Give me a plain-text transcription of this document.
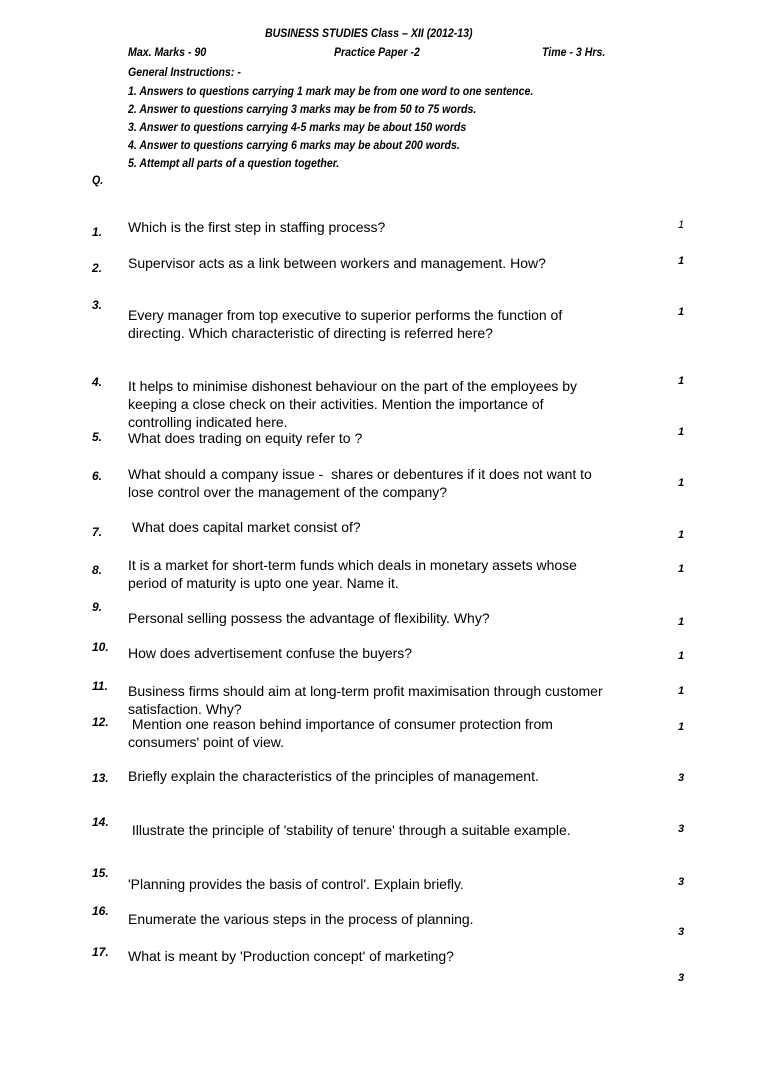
BUSINESS STUDIES Class – XII (2012-13)
Max. Marks - 90	Practice Paper -2	Time - 3 Hrs.
General Instructions: -
1. Answers to questions carrying 1 mark may be from one word to one sentence.
2. Answer to questions carrying 3 marks may be from 50 to 75 words.
3. Answer to questions carrying 4-5 marks may be about 150 words
4. Answer to questions carrying 6 marks may be about 200 words.
5. Attempt all parts of a question together.
Q.
1. Which is the first step in staffing process?	1
2. Supervisor acts as a link between workers and management. How?	1
3.
Every manager from top executive to superior performs the function of
directing. Which characteristic of directing is referred here?
1
4. It helps to minimise dishonest behaviour on the part of the employees by
keeping a close check on their activities. Mention the importance of
controlling indicated here.
1
5. What does trading on equity refer to ?	1
6. What should a company issue -  shares or debentures if it does not want to
lose control over the management of the company?
1
7. What does capital market consist of?	1
8. It is a market for short-term funds which deals in monetary assets whose
period of maturity is upto one year. Name it.
1
9.
Personal selling possess the advantage of flexibility. Why?	1
10. How does advertisement confuse the buyers?	1
11. Business firms should aim at long-term profit maximisation through customer
satisfaction. Why?
1
12. Mention one reason behind importance of consumer protection from
consumers' point of view.
1
13. Briefly explain the characteristics of the principles of management.	3
14. Illustrate the principle of 'stability of tenure' through a suitable example.	3
15.
'Planning provides the basis of control'. Explain briefly.	3
16. Enumerate the various steps in the process of planning.
3
17. What is meant by 'Production concept' of marketing?
3
